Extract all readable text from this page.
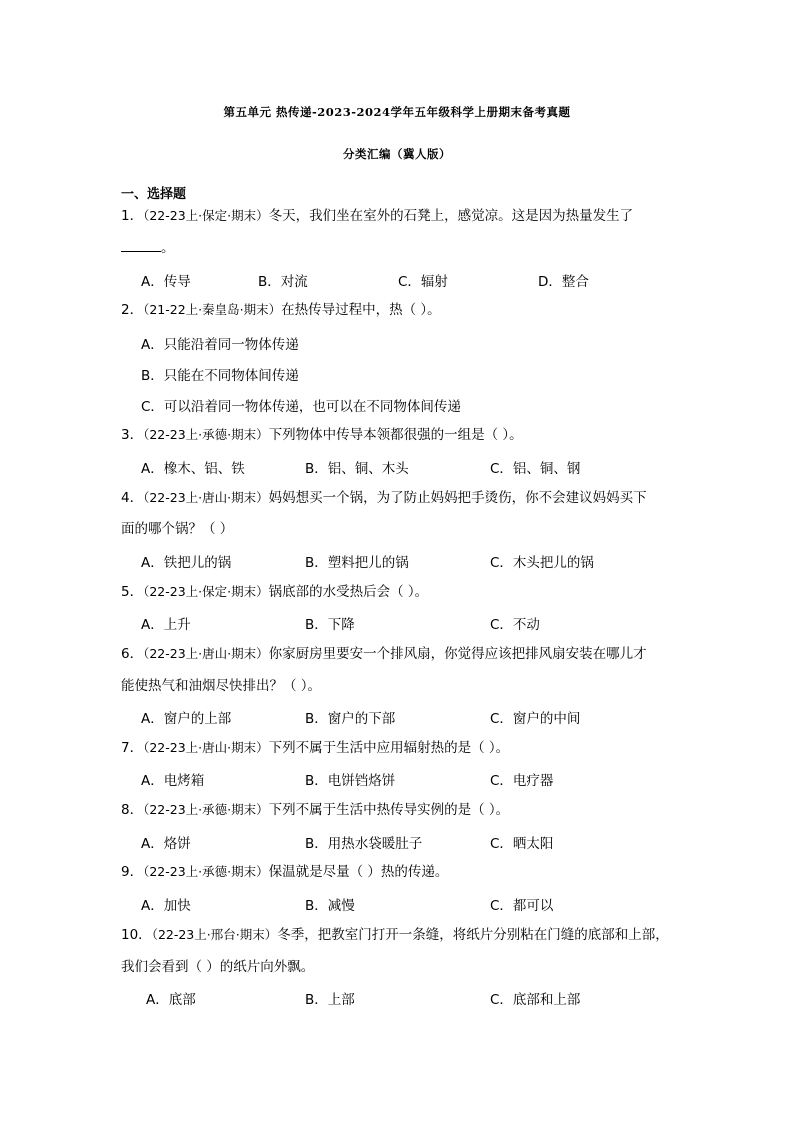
第五单元 热传递-2023-2024学年五年级科学上册期末备考真题
分类汇编（冀人版）
一、选择题
1．（22-23上·保定·期末）冬天，我们坐在室外的石凳上，感觉凉。这是因为热量发生了
。
A．传导	B．对流	C．辐射	D．整合
2．（21-22上·秦皇岛·期末）在热传导过程中，热（ ）。
A．只能沿着同一物体传递
B．只能在不同物体间传递
C．可以沿着同一物体传递，也可以在不同物体间传递
3．（22-23上·承德·期末）下列物体中传导本领都很强的一组是（ ）。
A．橡木、铝、铁	B．铝、铜、木头	C．铝、铜、钢
4．（22-23上·唐山·期末）妈妈想买一个锅，为了防止妈妈把手烫伤，你不会建议妈妈买下
面的哪个锅？（ ）
A．铁把儿的锅	B．塑料把儿的锅	C．木头把儿的锅
5．（22-23上·保定·期末）锅底部的水受热后会（ ）。
A．上升	B．下降	C．不动
6．（22-23上·唐山·期末）你家厨房里要安一个排风扇，你觉得应该把排风扇安装在哪儿才
能使热气和油烟尽快排出？（ ）。
A．窗户的上部	B．窗户的下部	C．窗户的中间
7．（22-23上·唐山·期末）下列不属于生活中应用辐射热的是（ ）。
A．电烤箱	B．电饼铛烙饼	C．电疗器
8．（22-23上·承德·期末）下列不属于生活中热传导实例的是（ ）。
A．烙饼	B．用热水袋暖肚子	C．晒太阳
9．（22-23上·承德·期末）保温就是尽量（ ）热的传递。
A．加快	B．减慢	C．都可以
10．（22-23上·邢台·期末）冬季，把教室门打开一条缝，将纸片分别粘在门缝的底部和上部，
我们会看到（ ）的纸片向外飘。
A．底部	B．上部	C．底部和上部
